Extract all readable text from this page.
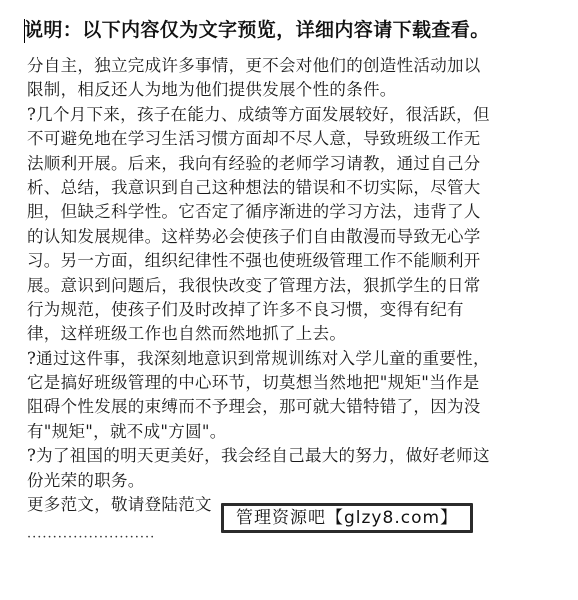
说明：以下内容仅为文字预览，详细内容请下载查看。
分自主，独立完成许多事情，更不会对他们的创造性活动加以
限制，相反还人为地为他们提供发展个性的条件。
?几个月下来，孩子在能力、成绩等方面发展较好，很活跃，但
不可避免地在学习生活习惯方面却不尽人意，导致班级工作无
法顺利开展。后来，我向有经验的老师学习请教，通过自己分
析、总结，我意识到自己这种想法的错误和不切实际，尽管大
胆，但缺乏科学性。它否定了循序渐进的学习方法，违背了人
的认知发展规律。这样势必会使孩子们自由散漫而导致无心学
习。另一方面，组织纪律性不强也使班级管理工作不能顺利开
展。意识到问题后，我很快改变了管理方法，狠抓学生的日常
行为规范，使孩子们及时改掉了许多不良习惯，变得有纪有
律，这样班级工作也自然而然地抓了上去。
?通过这件事，我深刻地意识到常规训练对入学儿童的重要性，
它是搞好班级管理的中心环节，切莫想当然地把"规矩"当作是
阻碍个性发展的束缚而不予理会，那可就大错特错了，因为没
有"规矩"，就不成"方圆"。
?为了祖国的明天更美好，我会经自己最大的努力，做好老师这
份光荣的职务。
更多范文，敬请登陆范文
管理资源吧【glzy8.com】
·························
